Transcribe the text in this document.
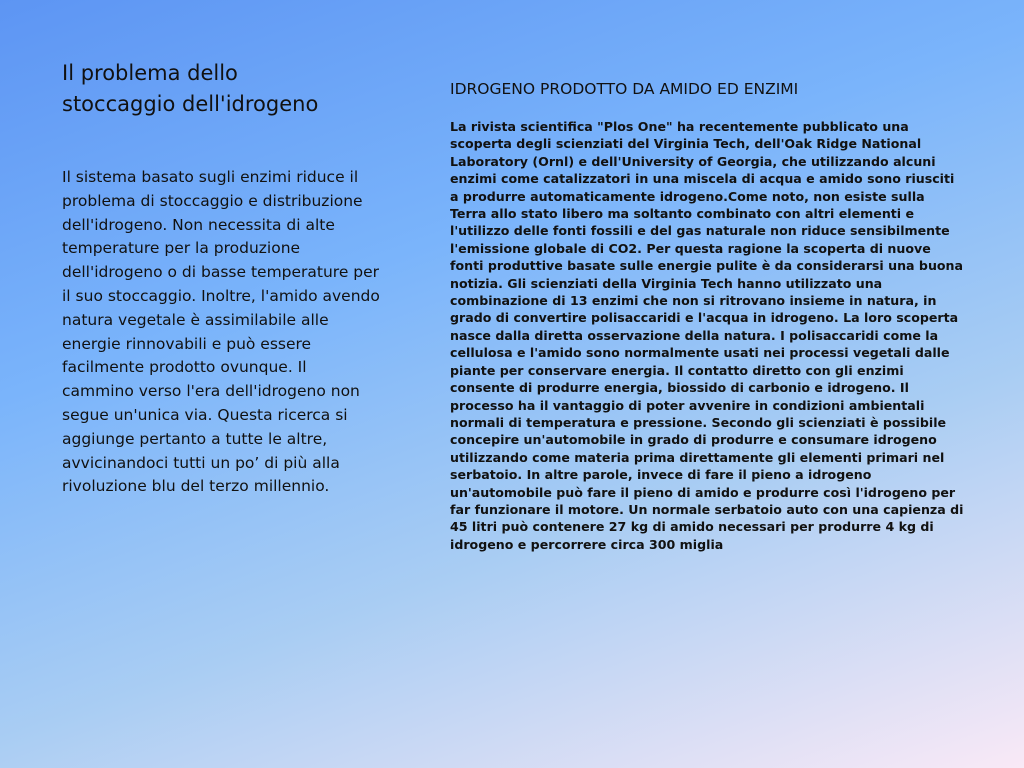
Il problema dello
stoccaggio dell'idrogeno

Il sistema basato sugli enzimi riduce il problema di stoccaggio e distribuzione dell'idrogeno. Non necessita di alte temperature per la produzione dell'idrogeno o di basse temperature per il suo stoccaggio. Inoltre, l'amido avendo natura vegetale è assimilabile alle energie rinnovabili e può essere facilmente prodotto ovunque. Il cammino verso l'era dell'idrogeno non segue un'unica via. Questa ricerca si aggiunge pertanto a tutte le altre, avvicinandoci tutti un po’ di più alla rivoluzione blu del terzo millennio.

IDROGENO PRODOTTO DA AMIDO ED ENZIMI

La rivista scientifica "Plos One" ha recentemente pubblicato una scoperta degli scienziati del Virginia Tech, dell'Oak Ridge National Laboratory (Ornl) e dell'University of Georgia, che utilizzando alcuni enzimi come catalizzatori in una miscela di acqua e amido sono riusciti a produrre automaticamente idrogeno.Come noto, non esiste sulla Terra allo stato libero ma soltanto combinato con altri elementi e l'utilizzo delle fonti fossili e del gas naturale non riduce sensibilmente l'emissione globale di CO2. Per questa ragione la scoperta di nuove fonti produttive basate sulle energie pulite è da considerarsi una buona notizia. Gli scienziati della Virginia Tech hanno utilizzato una combinazione di 13 enzimi che non si ritrovano insieme in natura, in grado di convertire polisaccaridi e l'acqua in idrogeno. La loro scoperta nasce dalla diretta osservazione della natura. I polisaccaridi come la cellulosa e l'amido sono normalmente usati nei processi vegetali dalle piante per conservare energia. Il contatto diretto con gli enzimi consente di produrre energia, biossido di carbonio e idrogeno. Il processo ha il vantaggio di poter avvenire in condizioni ambientali normali di temperatura e pressione. Secondo gli scienziati è possibile concepire un'automobile in grado di produrre e consumare idrogeno utilizzando come materia prima direttamente gli elementi primari nel serbatoio. In altre parole, invece di fare il pieno a idrogeno un'automobile può fare il pieno di amido e produrre così l'idrogeno per far funzionare il motore. Un normale serbatoio auto con una capienza di 45 litri può contenere 27 kg di amido necessari per produrre 4 kg di idrogeno e percorrere circa 300 miglia
